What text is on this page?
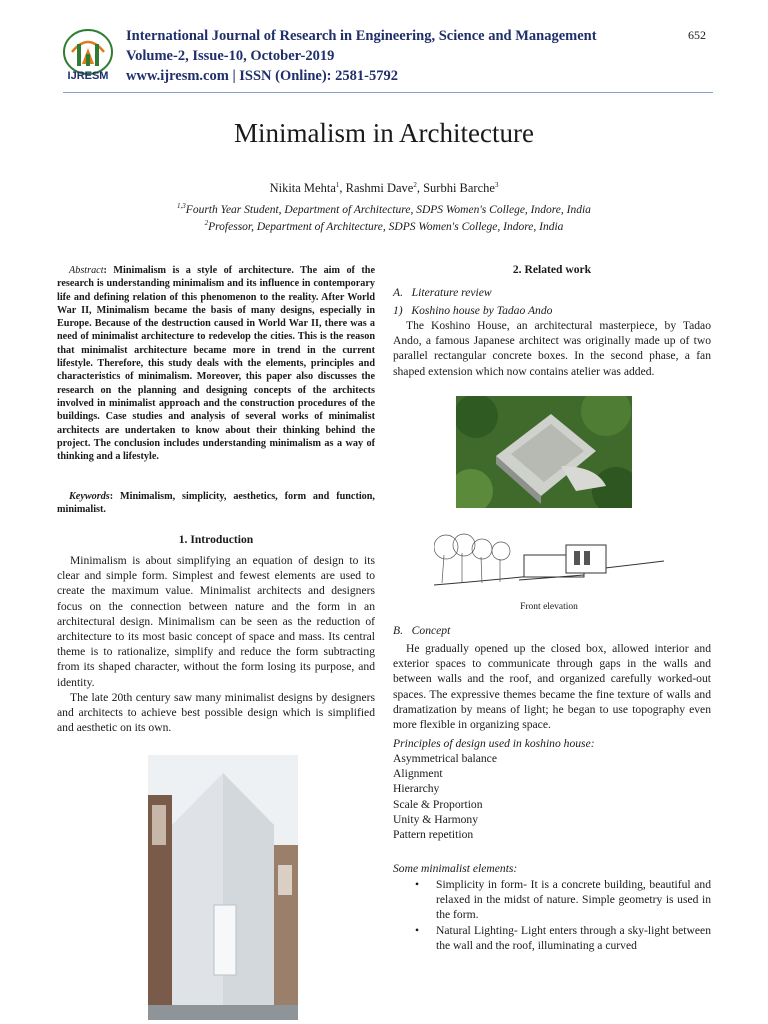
IJRESM
International Journal of Research in Engineering, Science and Management
Volume-2, Issue-10, October-2019
www.ijresm.com | ISSN (Online): 2581-5792
652
Minimalism in Architecture
Nikita Mehta$^1$, Rashmi Dave$^2$, Surbhi Barche$^3$
$^{1,3}$Fourth Year Student, Department of Architecture, SDPS Women's College, Indore, India
$^2$Professor, Department of Architecture, SDPS Women's College, Indore, India
Abstract: Minimalism is a style of architecture. The aim of the research is understanding minimalism and its influence in contemporary life and defining relation of this phenomenon to the reality. After World War II, Minimalism became the basis of many designs, especially in Europe. Because of the destruction caused in World War II, there was a need of minimalist architecture to redevelop the cities. This is the reason that minimalist architecture became more in trend in the current lifestyle. Therefore, this study deals with the elements, principles and characteristics of minimalism. Moreover, this paper also discusses the research on the planning and designing concepts of the architects involved in minimalist approach and the construction procedures of the buildings. Case studies and analysis of several works of minimalist architects are undertaken to know about their thinking behind the project. The conclusion includes understanding minimalism as a way of thinking and a lifestyle.
Keywords: Minimalism, simplicity, aesthetics, form and function, minimalist.
1. Introduction

Minimalism is about simplifying an equation of design to its clear and simple form. Simplest and fewest elements are used to create the maximum value. Minimalist architects and designers focus on the connection between nature and the form in an architectural design. Minimalism can be seen as the reduction of architecture to its most basic concept of space and mass. Its central theme is to rationalize, simplify and reduce the form subtracting from its shaped character, without the form losing its purpose, and identity.

The late 20th century saw many minimalist designs by designers and architects to achieve best possible design which is simplified and aesthetic on its own.

2. Related work
A.   Literature review
1)   Koshino house by Tadao Ando

The Koshino House, an architectural masterpiece, by Tadao Ando, a famous Japanese architect was originally made up of two parallel rectangular concrete boxes. In the second phase, a fan shaped extension which now contains atelier was added.

Front elevation
B.   Concept

He gradually opened up the closed box, allowed interior and exterior spaces to communicate through gaps in the walls and between walls and the roof, and organized carefully worked-out spaces. The expressive themes became the fine texture of walls and dramatization by means of light; he began to use topography even more flexible in organizing space.

Principles of design used in koshino house:
Asymmetrical balance
Alignment
Hierarchy
Scale & Proportion
Unity & Harmony
Pattern repetition
Some minimalist elements:
• Simplicity in form- It is a concrete building, beautiful and relaxed in the midst of nature. Simple geometry is used in the form.
• Natural Lighting- Light enters through a sky-light between the wall and the roof, illuminating a curved
